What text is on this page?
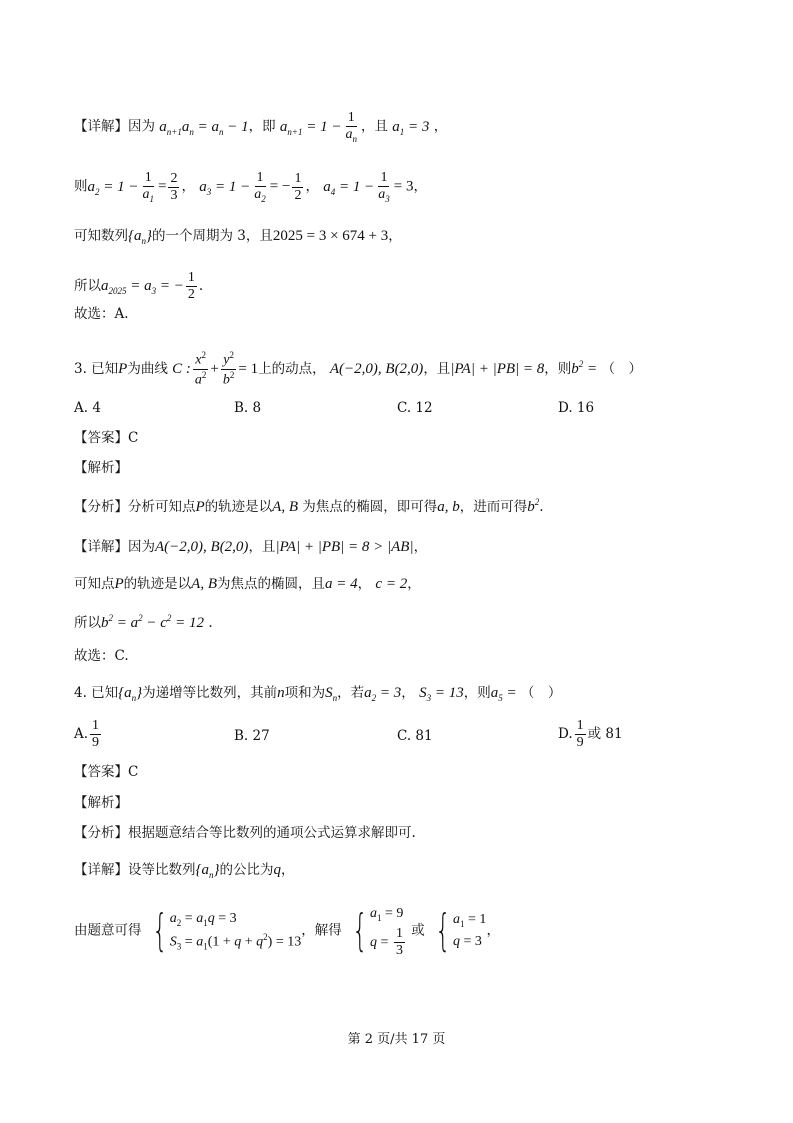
【详解】因为 $a_{n+1}a_n = a_n - 1$，即 $a_{n+1} = 1 - \frac{1}{a_n}$ ，且 $a_1 = 3$ ，
则$a_2 = 1 - \frac{1}{a_1} = \frac{2}{3}$ ， $a_3 = 1 - \frac{1}{a_2}$ = − $\frac{1}{2}$ ， $a_4 = 1 - \frac{1}{a_3} = 3$，
可知数列$\{a_n\}$的一个周期为 3，且2025 = 3 × 674 + 3，
所以$a_{2025} = a_3$ = − $\frac{1}{2}$ .
故选：A.
3. 已知P为曲线 C : $\frac{x^2}{a^2} + \frac{y^2}{b^2} = 1$上的动点， A(−2,0), B(2,0)，且|PA| + |PB| = 8，则$b^2$ = （　）
A. 4	B. 8	C. 12	D. 16
【答案】C
【解析】
【分析】分析可知点P的轨迹是以A, B 为焦点的椭圆，即可得a, b，进而可得$b^2$.
【详解】因为A(−2,0), B(2,0)，且|PA| + |PB| = 8 > |AB|，
可知点P的轨迹是以A, B为焦点的椭圆，且a = 4， c = 2，
所以$b^2 = a^2 - c^2 = 12$ .
故选：C.
4. 已知$\{a_n\}$为递增等比数列，其前n项和为$S_n$，若$a_2 = 3$， $S_3 = 13$，则$a_5$ = （　）
A. $\frac{1}{9}$	B. 27	C. 81	D. $\frac{1}{9}$ 或 81
【答案】C
【解析】
【分析】根据题意结合等比数列的通项公式运算求解即可.
【详解】设等比数列$\{a_n\}$的公比为q，
由题意可得 { $a_2 = a_1q = 3$
$S_3 = a_1(1 + q + q^2) = 13$
，解得 { $a_1 = 9$
$q = \frac{1}{3}$ 或 { $a_1 = 1$
q = 3
，
第 2 页/共 17 页
